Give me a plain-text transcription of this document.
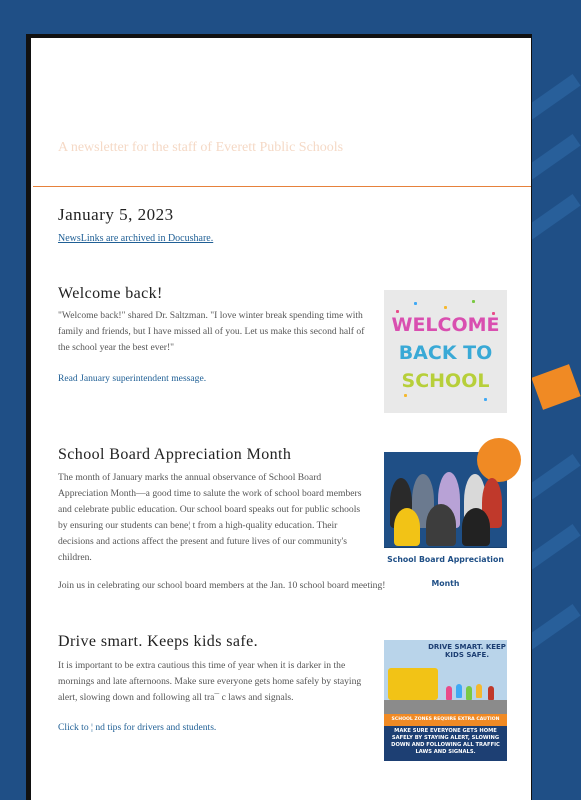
A newsletter for the staff of Everett Public Schools
January 5, 2023
NewsLinks are archived in Docushare.
Welcome back!
"Welcome back!" shared Dr. Saltzman. "I love winter break spending time with family and friends, but I have missed all of you. Let us make this second half of the school year the best ever!"
Read January superintendent message.
WELCOME
BACK TO
SCHOOL
School Board Appreciation Month
The month of January marks the annual observance of School Board Appreciation Month—a good time to salute the work of school board members and celebrate public education. Our school board speaks out for public schools by ensuring our students can bene¦ t from a high-quality education. Their decisions and actions affect the present and future lives of our community's children.
Join us in celebrating our school board members at the Jan. 10 school board meeting!
School Board Appreciation Month
Drive smart. Keeps kids safe.
It is important to be extra cautious this time of year when it is darker in the mornings and late afternoons. Make sure everyone gets home safely by staying alert, slowing down and following all tra¯ c laws and signals.
Click to ¦ nd tips for drivers and students.
DRIVE SMART. KEEP KIDS SAFE.
SCHOOL ZONES REQUIRE EXTRA CAUTION
MAKE SURE EVERYONE GETS HOME SAFELY BY STAYING ALERT, SLOWING DOWN AND FOLLOWING ALL TRAFFIC LAWS AND SIGNALS.
